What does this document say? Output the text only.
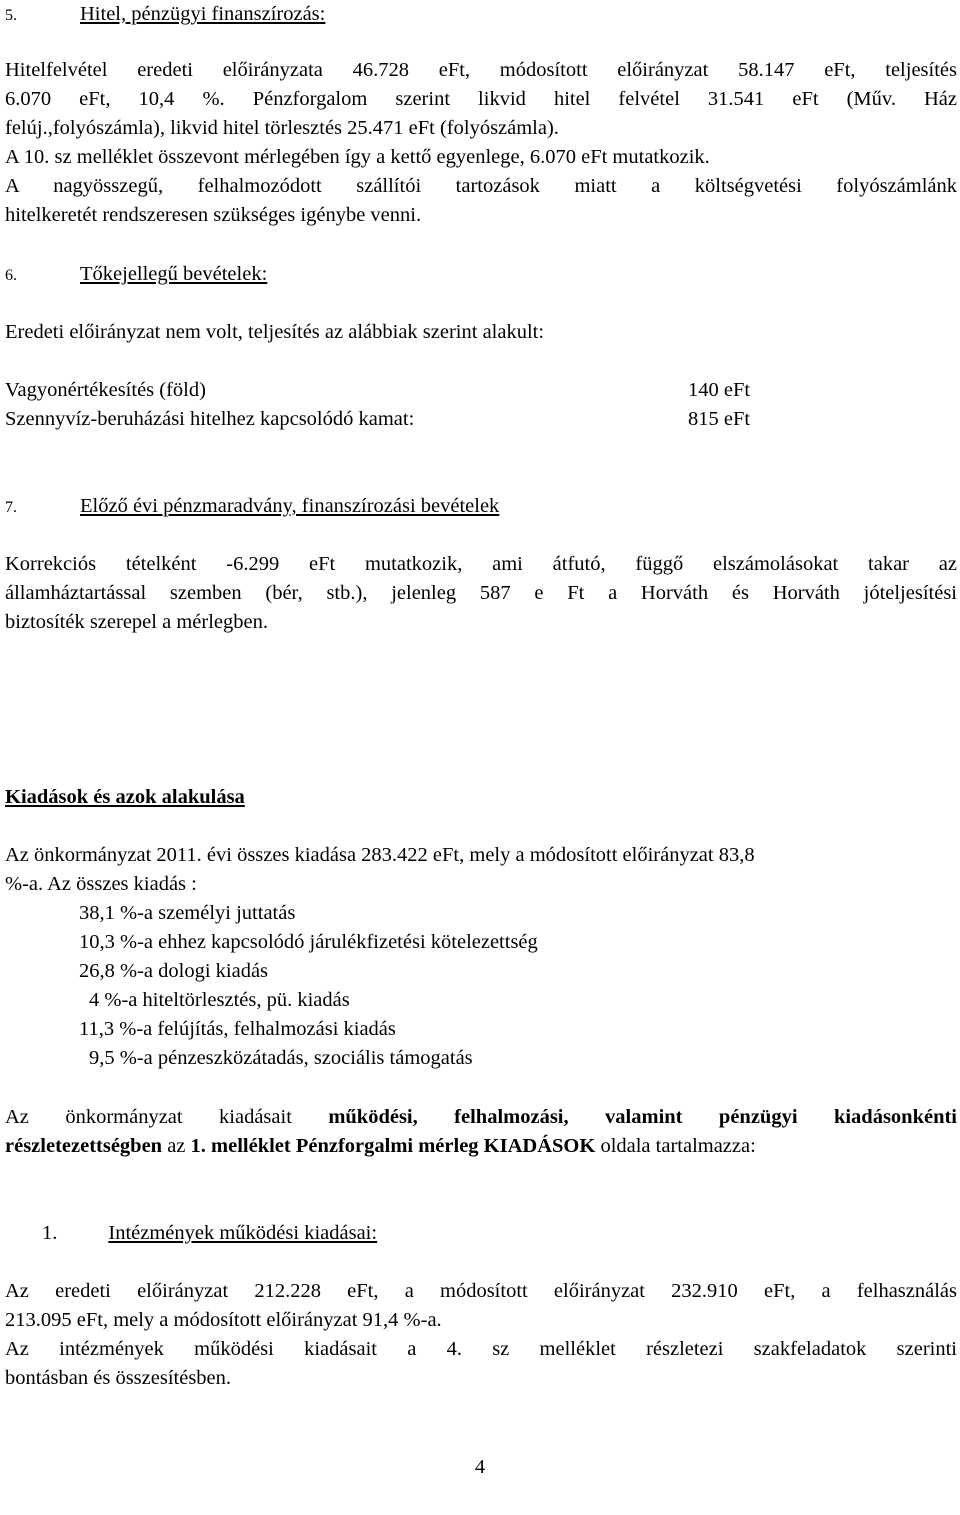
5.	Hitel, pénzügyi finanszírozás:
Hitelfelvétel eredeti előirányzata 46.728 eFt, módosított előirányzat 58.147 eFt, teljesítés
6.070 eFt, 10,4 %. Pénzforgalom szerint likvid hitel felvétel 31.541 eFt (Műv. Ház
felúj.,folyószámla), likvid hitel törlesztés 25.471 eFt (folyószámla).
A 10. sz melléklet összevont mérlegében így a kettő egyenlege, 6.070 eFt mutatkozik.
A nagyösszegű, felhalmozódott szállítói tartozások miatt a költségvetési folyószámlánk
hitelkeretét rendszeresen szükséges igénybe venni.
6.	Tőkejellegű bevételek:
Eredeti előirányzat nem volt, teljesítés az alábbiak szerint alakult:
Vagyonértékesítés (föld)	140 eFt
Szennyvíz-beruházási hitelhez kapcsolódó kamat:	815 eFt
7.	Előző évi pénzmaradvány, finanszírozási bevételek
Korrekciós tételként -6.299 eFt mutatkozik, ami átfutó, függő elszámolásokat takar az
államháztartással szemben (bér, stb.), jelenleg 587 e Ft a Horváth és Horváth jóteljesítési
biztosíték szerepel a mérlegben.
Kiadások és azok alakulása
Az önkormányzat 2011. évi összes kiadása 283.422 eFt, mely a módosított előirányzat 83,8
%-a. Az összes kiadás :
38,1 %-a személyi juttatás
10,3 %-a ehhez kapcsolódó járulékfizetési kötelezettség
26,8 %-a dologi kiadás
4 %-a hiteltörlesztés, pü. kiadás
11,3 %-a felújítás, felhalmozási kiadás
9,5 %-a pénzeszközátadás, szociális támogatás
Az önkormányzat kiadásait működési, felhalmozási, valamint pénzügyi kiadásonkénti
részletezettségben az 1. melléklet Pénzforgalmi mérleg KIADÁSOK oldala tartalmazza:
1. Intézmények működési kiadásai:
Az eredeti előirányzat 212.228 eFt, a módosított előirányzat 232.910 eFt, a felhasználás
213.095 eFt, mely a módosított előirányzat 91,4 %-a.
Az intézmények működési kiadásait a 4. sz melléklet részletezi szakfeladatok szerinti
bontásban és összesítésben.
4
